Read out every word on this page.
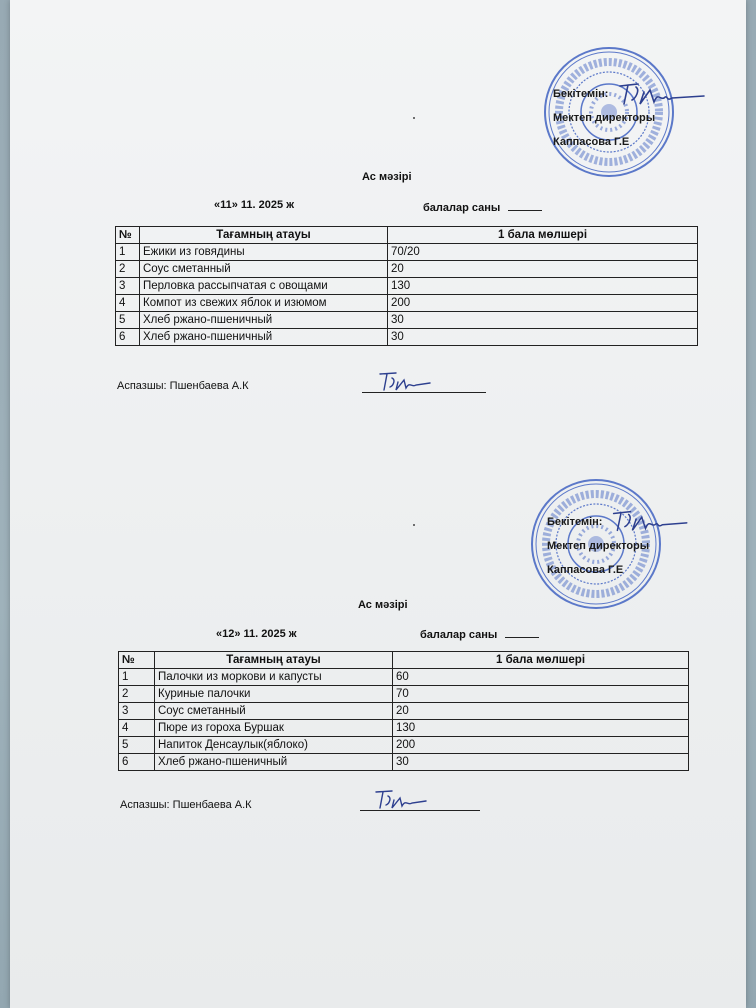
Бекітемін:
Мектеп директоры
Каппасова Г.Е
Ас мәзірі
«11» 11. 2025 ж	балалар саны
№	Тағамның атауы	1 бала мөлшері
1	Ежики из говядины	70/20
2	Соус сметанный	20
3	Перловка рассыпчатая с овощами	130
4	Компот из свежих яблок и изюмом	200
5	Хлеб ржано-пшеничный	30
6	Хлеб ржано-пшеничный	30
Аспазшы: Пшенбаева А.К
Бекітемін:
Мектеп директоры
Каппасова Г.Е
Ас мәзірі
«12» 11. 2025 ж	балалар саны
№	Тағамның атауы	1 бала мөлшері
1	Палочки из моркови и капусты	60
2	Куриные палочки	70
3	Соус сметанный	20
4	Пюре из гороха Буршак	130
5	Напиток Денсаулык(яблоко)	200
6	Хлеб ржано-пшеничный	30
Аспазшы: Пшенбаева А.К
